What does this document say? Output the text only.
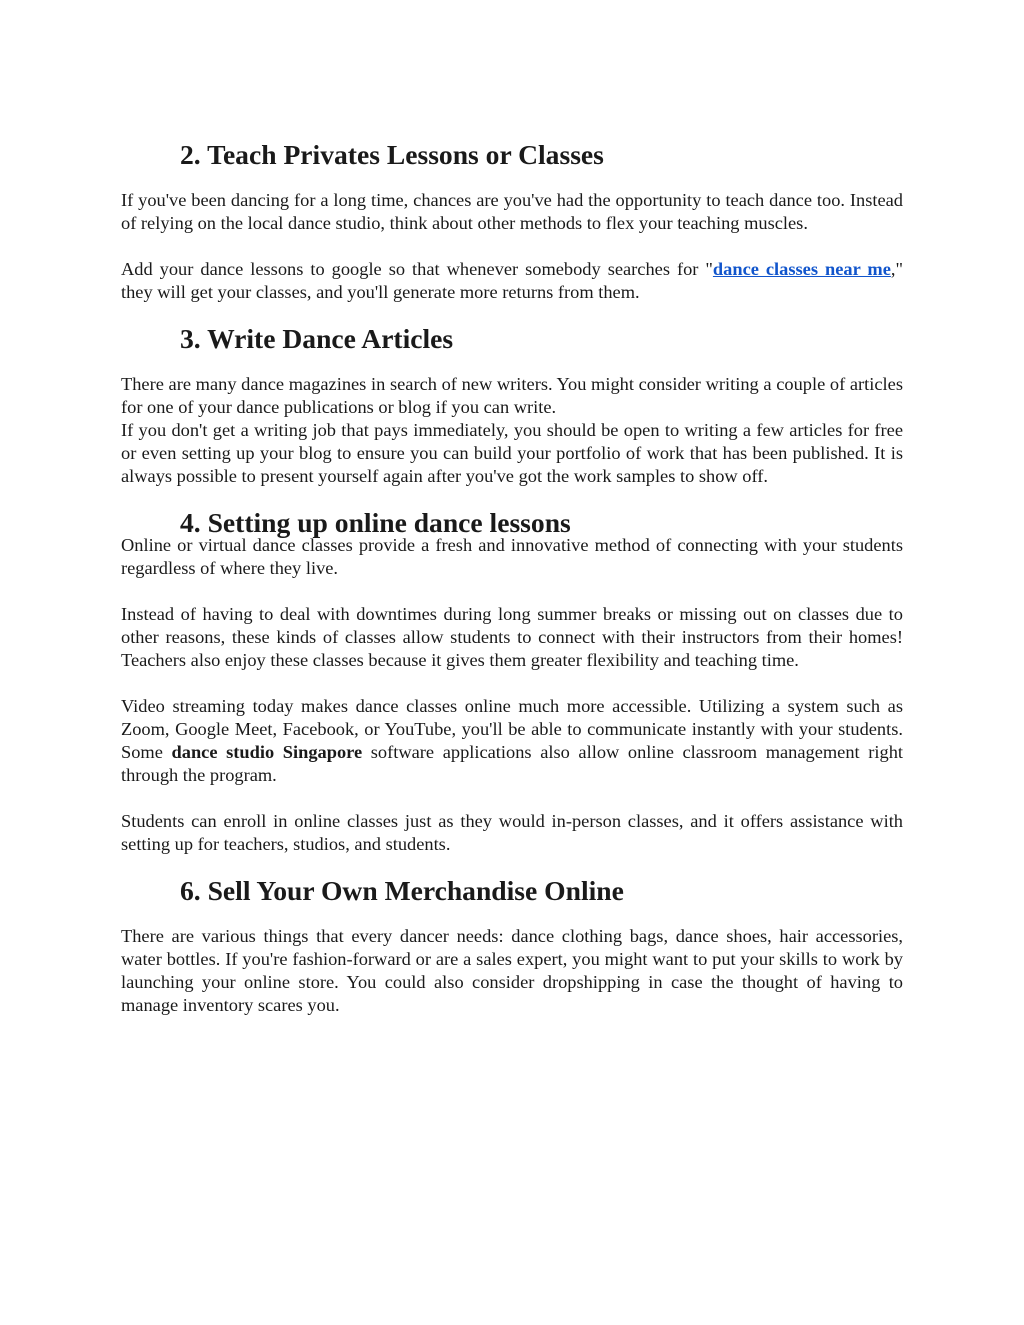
2. Teach Privates Lessons or Classes

If you've been dancing for a long time, chances are you've had the opportunity to teach dance too. Instead of relying on the local dance studio, think about other methods to flex your teaching muscles.

Add your dance lessons to google so that whenever somebody searches for "dance classes near me," they will get your classes, and you'll generate more returns from them.

3. Write Dance Articles

There are many dance magazines in search of new writers. You might consider writing a couple of articles for one of your dance publications or blog if you can write.

If you don't get a writing job that pays immediately, you should be open to writing a few articles for free or even setting up your blog to ensure you can build your portfolio of work that has been published. It is always possible to present yourself again after you've got the work samples to show off.

4. Setting up online dance lessons

Online or virtual dance classes provide a fresh and innovative method of connecting with your students regardless of where they live.

Instead of having to deal with downtimes during long summer breaks or missing out on classes due to other reasons, these kinds of classes allow students to connect with their instructors from their homes! Teachers also enjoy these classes because it gives them greater flexibility and teaching time.

Video streaming today makes dance classes online much more accessible. Utilizing a system such as Zoom, Google Meet, Facebook, or YouTube, you'll be able to communicate instantly with your students. Some dance studio Singapore software applications also allow online classroom management right through the program.

Students can enroll in online classes just as they would in-person classes, and it offers assistance with setting up for teachers, studios, and students.

6. Sell Your Own Merchandise Online

There are various things that every dancer needs: dance clothing bags, dance shoes, hair accessories, water bottles. If you're fashion-forward or are a sales expert, you might want to put your skills to work by launching your online store. You could also consider dropshipping in case the thought of having to manage inventory scares you.
